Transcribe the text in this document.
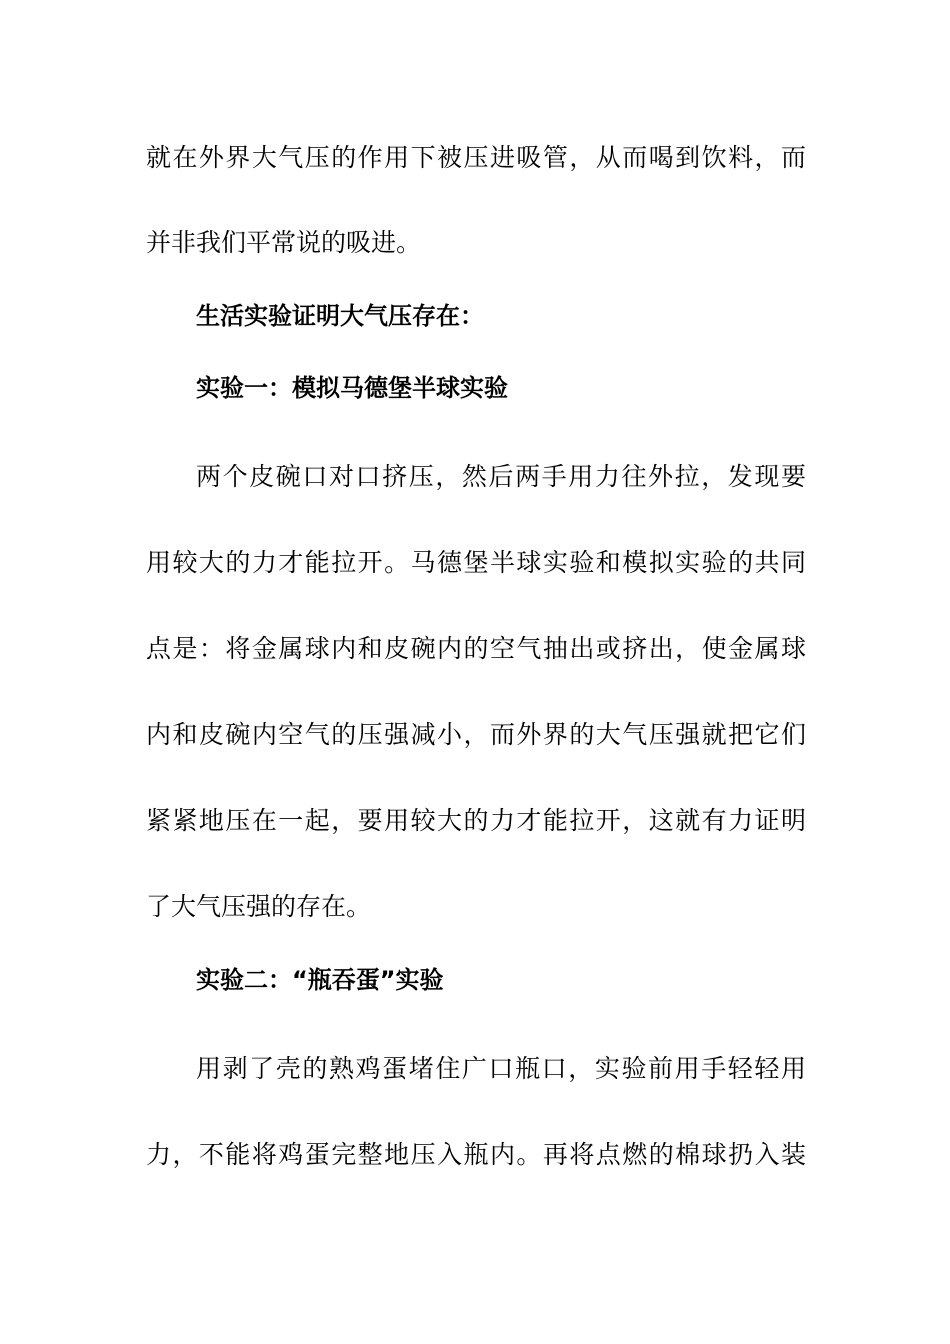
就在外界大气压的作用下被压进吸管，从而喝到饮料，而
并非我们平常说的吸进。
生活实验证明大气压存在：
实验一：模拟马德堡半球实验
两个皮碗口对口挤压，然后两手用力往外拉，发现要
用较大的力才能拉开。马德堡半球实验和模拟实验的共同
点是：将金属球内和皮碗内的空气抽出或挤出，使金属球
内和皮碗内空气的压强减小，而外界的大气压强就把它们
紧紧地压在一起，要用较大的力才能拉开，这就有力证明
了大气压强的存在。
实验二：“瓶吞蛋”实验
用剥了壳的熟鸡蛋堵住广口瓶口，实验前用手轻轻用
力，不能将鸡蛋完整地压入瓶内。再将点燃的棉球扔入装
